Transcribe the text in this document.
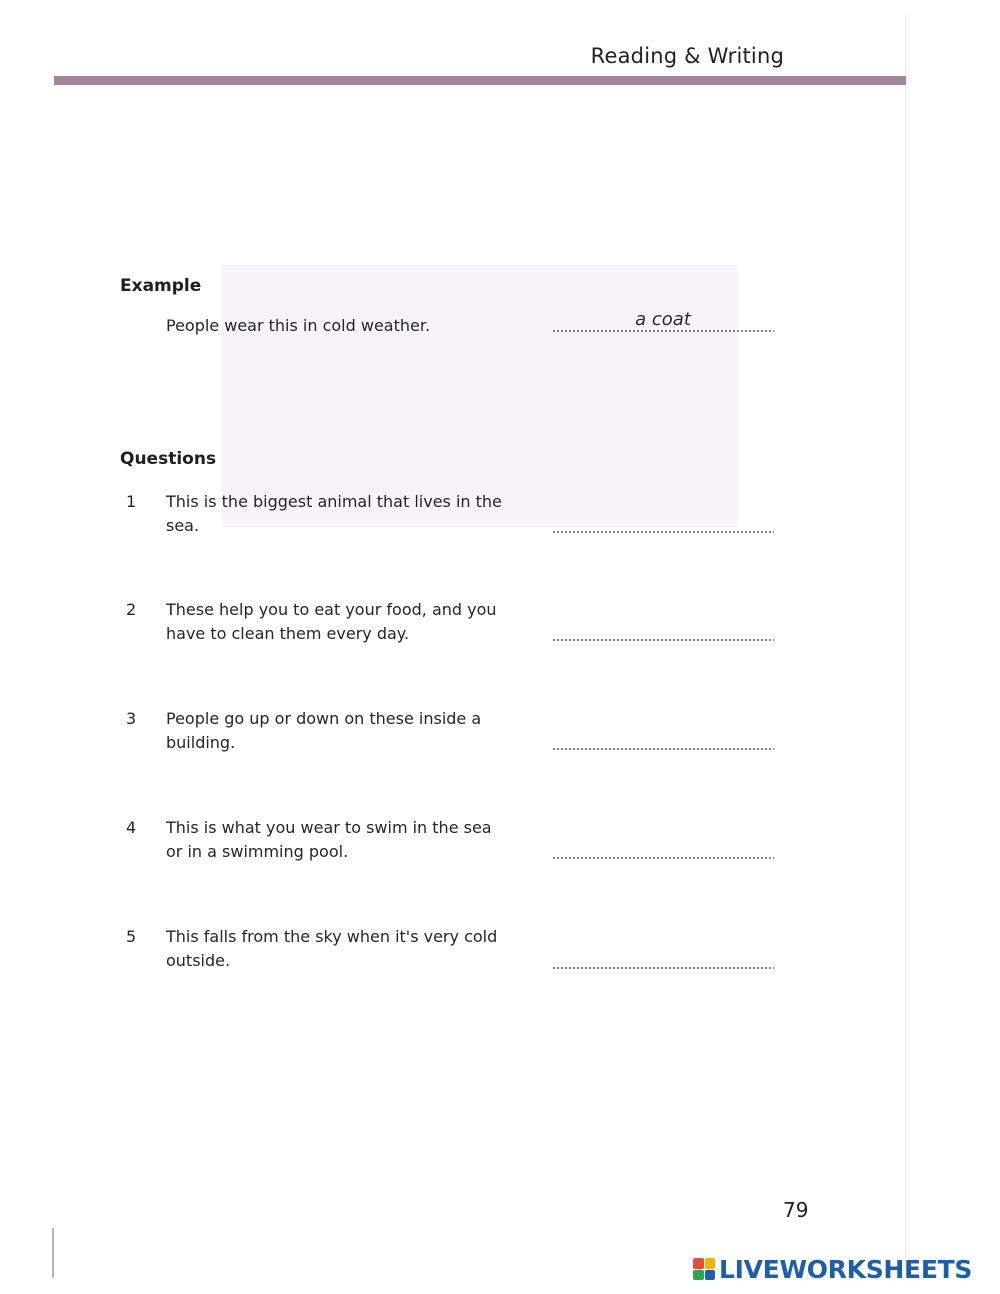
Reading & Writing
Example
People wear this in cold weather.	a coat
Questions
1 This is the biggest animal that lives in the sea.
2 These help you to eat your food, and you have to clean them every day.
3 People go up or down on these inside a building.
4 This is what you wear to swim in the sea or in a swimming pool.
5 This falls from the sky when it's very cold outside.
79
LIVEWORKSHEETS
